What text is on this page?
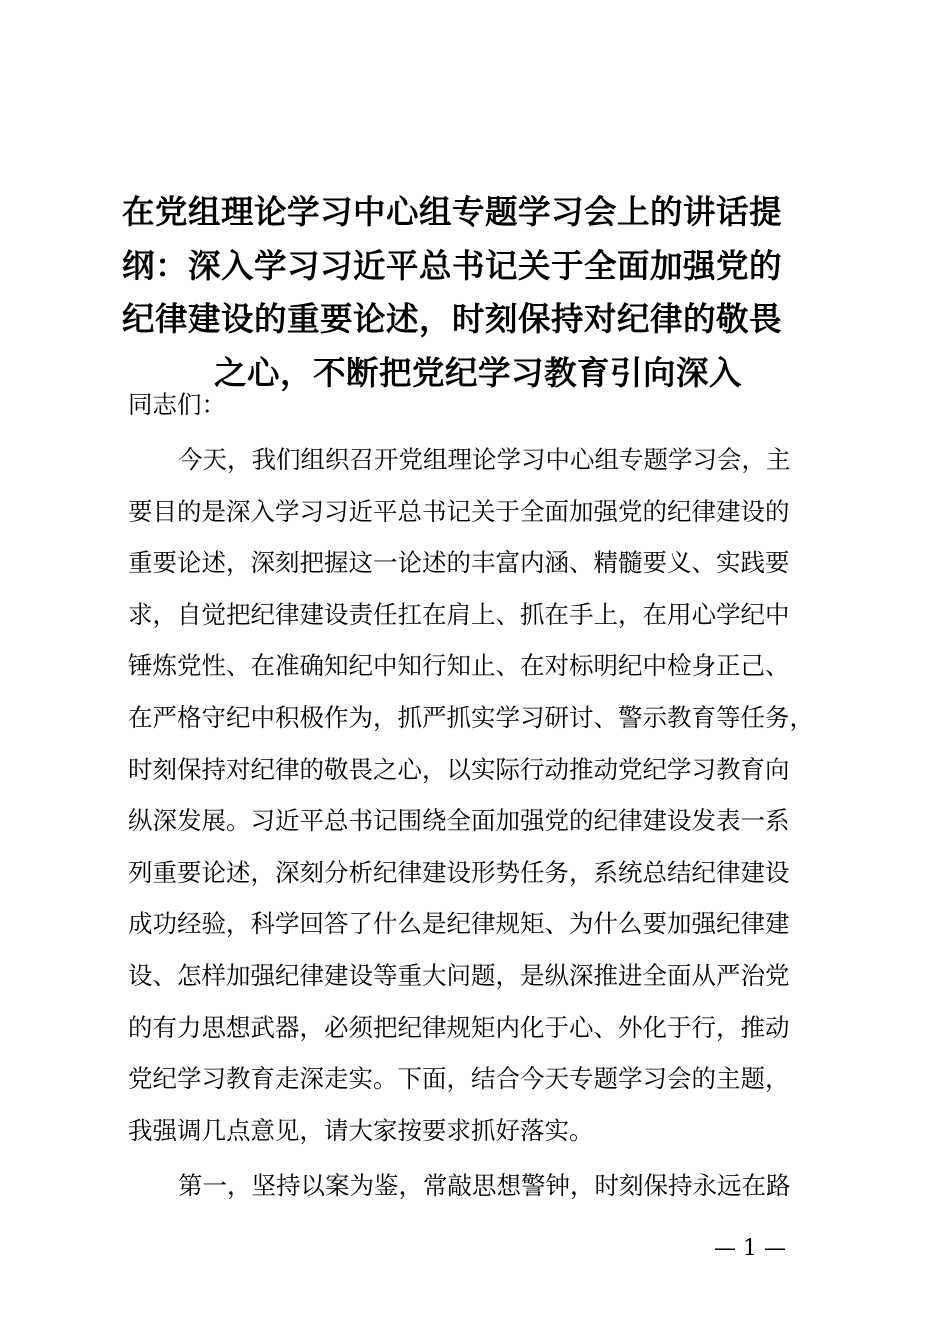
在党组理论学习中心组专题学习会上的讲话提
纲：深入学习习近平总书记关于全面加强党的
纪律建设的重要论述，时刻保持对纪律的敬畏
之心，不断把党纪学习教育引向深入

同志们：

今天，我们组织召开党组理论学习中心组专题学习会，主
要目的是深入学习习近平总书记关于全面加强党的纪律建设的
重要论述，深刻把握这一论述的丰富内涵、精髓要义、实践要
求，自觉把纪律建设责任扛在肩上、抓在手上，在用心学纪中
锤炼党性、在准确知纪中知行知止、在对标明纪中检身正己、
在严格守纪中积极作为，抓严抓实学习研讨、警示教育等任务，
时刻保持对纪律的敬畏之心，以实际行动推动党纪学习教育向
纵深发展。习近平总书记围绕全面加强党的纪律建设发表一系
列重要论述，深刻分析纪律建设形势任务，系统总结纪律建设
成功经验，科学回答了什么是纪律规矩、为什么要加强纪律建
设、怎样加强纪律建设等重大问题，是纵深推进全面从严治党
的有力思想武器，必须把纪律规矩内化于心、外化于行，推动
党纪学习教育走深走实。下面，结合今天专题学习会的主题，
我强调几点意见，请大家按要求抓好落实。
第一，坚持以案为鉴，常敲思想警钟，时刻保持永远在路
— 1 —
